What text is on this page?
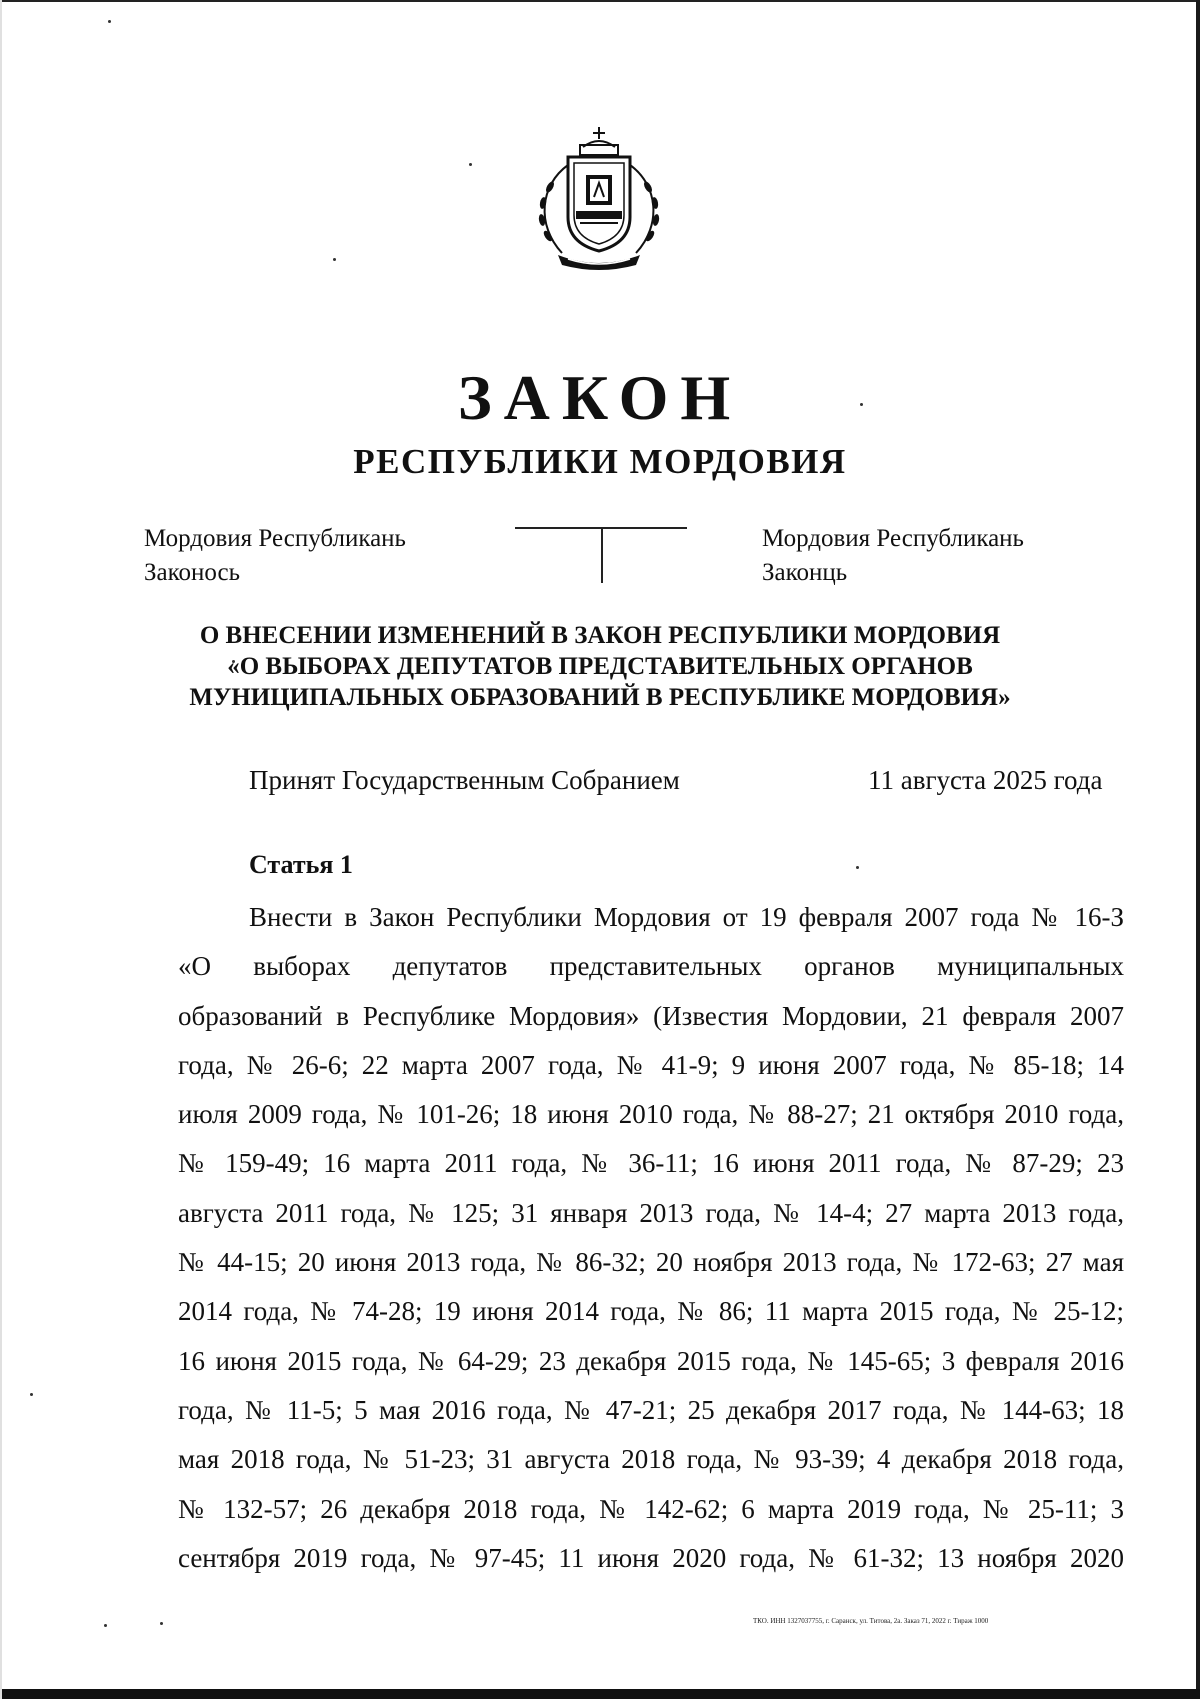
ЗАКОН
РЕСПУБЛИКИ МОРДОВИЯ
Мордовия Республикань
Законось
Мордовия Республикань
Законць
О ВНЕСЕНИИ ИЗМЕНЕНИЙ В ЗАКОН РЕСПУБЛИКИ МОРДОВИЯ
«О ВЫБОРАХ ДЕПУТАТОВ ПРЕДСТАВИТЕЛЬНЫХ ОРГАНОВ
МУНИЦИПАЛЬНЫХ ОБРАЗОВАНИЙ В РЕСПУБЛИКЕ МОРДОВИЯ»
Принят Государственным Собранием	11 августа 2025 года
Статья 1
Внести в Закон Республики Мордовия от 19 февраля 2007 года № 16-З
«О выборах депутатов представительных органов муниципальных
образований в Республике Мордовия» (Известия Мордовии, 21 февраля 2007
года, № 26-6; 22 марта 2007 года, № 41-9; 9 июня 2007 года, № 85-18; 14
июля 2009 года, № 101-26; 18 июня 2010 года, № 88-27; 21 октября 2010 года,
№ 159-49; 16 марта 2011 года, № 36-11; 16 июня 2011 года, № 87-29; 23
августа 2011 года, № 125; 31 января 2013 года, № 14-4; 27 марта 2013 года,
№ 44-15; 20 июня 2013 года, № 86-32; 20 ноября 2013 года, № 172-63; 27 мая
2014 года, № 74-28; 19 июня 2014 года, № 86; 11 марта 2015 года, № 25-12;
16 июня 2015 года, № 64-29; 23 декабря 2015 года, № 145-65; 3 февраля 2016
года, № 11-5; 5 мая 2016 года, № 47-21; 25 декабря 2017 года, № 144-63; 18
мая 2018 года, № 51-23; 31 августа 2018 года, № 93-39; 4 декабря 2018 года,
№ 132-57; 26 декабря 2018 года, № 142-62; 6 марта 2019 года, № 25-11; 3
сентября 2019 года, № 97-45; 11 июня 2020 года, № 61-32; 13 ноября 2020
ТКО. ИНН 1327037755, г. Саранск, ул. Титова, 2а. Заказ 71, 2022 г. Тираж 1000
